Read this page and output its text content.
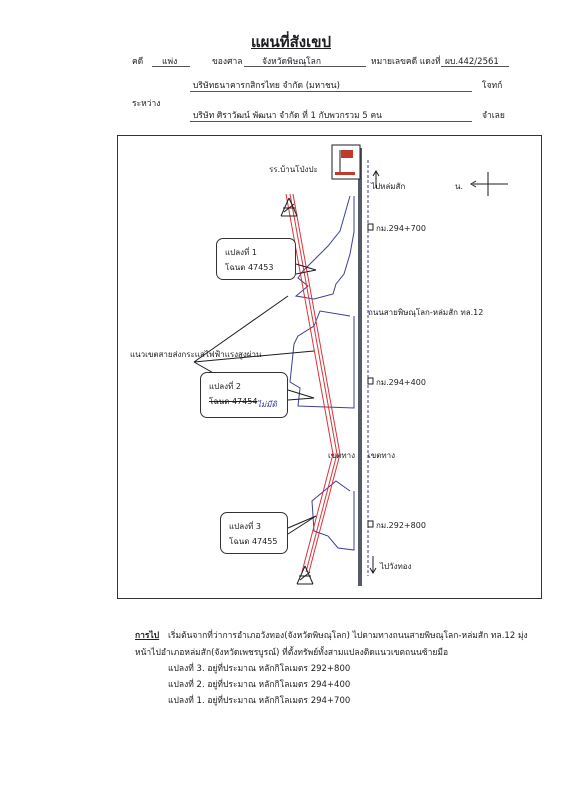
แผนที่สังเขป
คดี แพ่ง	ของศาล จังหวัดพิษณุโลก	หมายเลขคดี แดงที่ ผบ.442/2561
บริษัทธนาคารกสิกรไทย จำกัด (มหาชน)	โจทก์
ระหว่าง
บริษัท ศิราวัฒน์ พัฒนา จำกัด ที่ 1 กับพวกรวม 5 คน	จำเลย
รร.บ้านโป่งปะ
ไปหล่มสัก	น.
กม.294+700
ถนนสายพิษณุโลก-หล่มสัก ทล.12
กม.294+400
เขตทาง เขตทาง
กม.292+800
ไปวังทอง
แนวเขตสายส่งกระแสไฟฟ้าแรงสูงผ่าน
แปลงที่ 1
โฉนด 47453
แปลงที่ 2
โฉนด 47454 ไม่มีดิ
แปลงที่ 3
โฉนด 47455
การไป เริ่มต้นจากที่ว่าการอำเภอวังทอง(จังหวัดพิษณุโลก) ไปตามทางถนนสายพิษณุโลก-หล่มสัก ทล.12 มุ่ง
หน้าไปอำเภอหล่มสัก(จังหวัดเพชรบูรณ์) ที่ตั้งทรัพย์ทั้งสามแปลงติดแนวเขตถนนซ้ายมือ
แปลงที่ 3. อยู่ที่ประมาณ หลักกิโลเมตร 292+800
แปลงที่ 2. อยู่ที่ประมาณ หลักกิโลเมตร 294+400
แปลงที่ 1. อยู่ที่ประมาณ หลักกิโลเมตร 294+700
